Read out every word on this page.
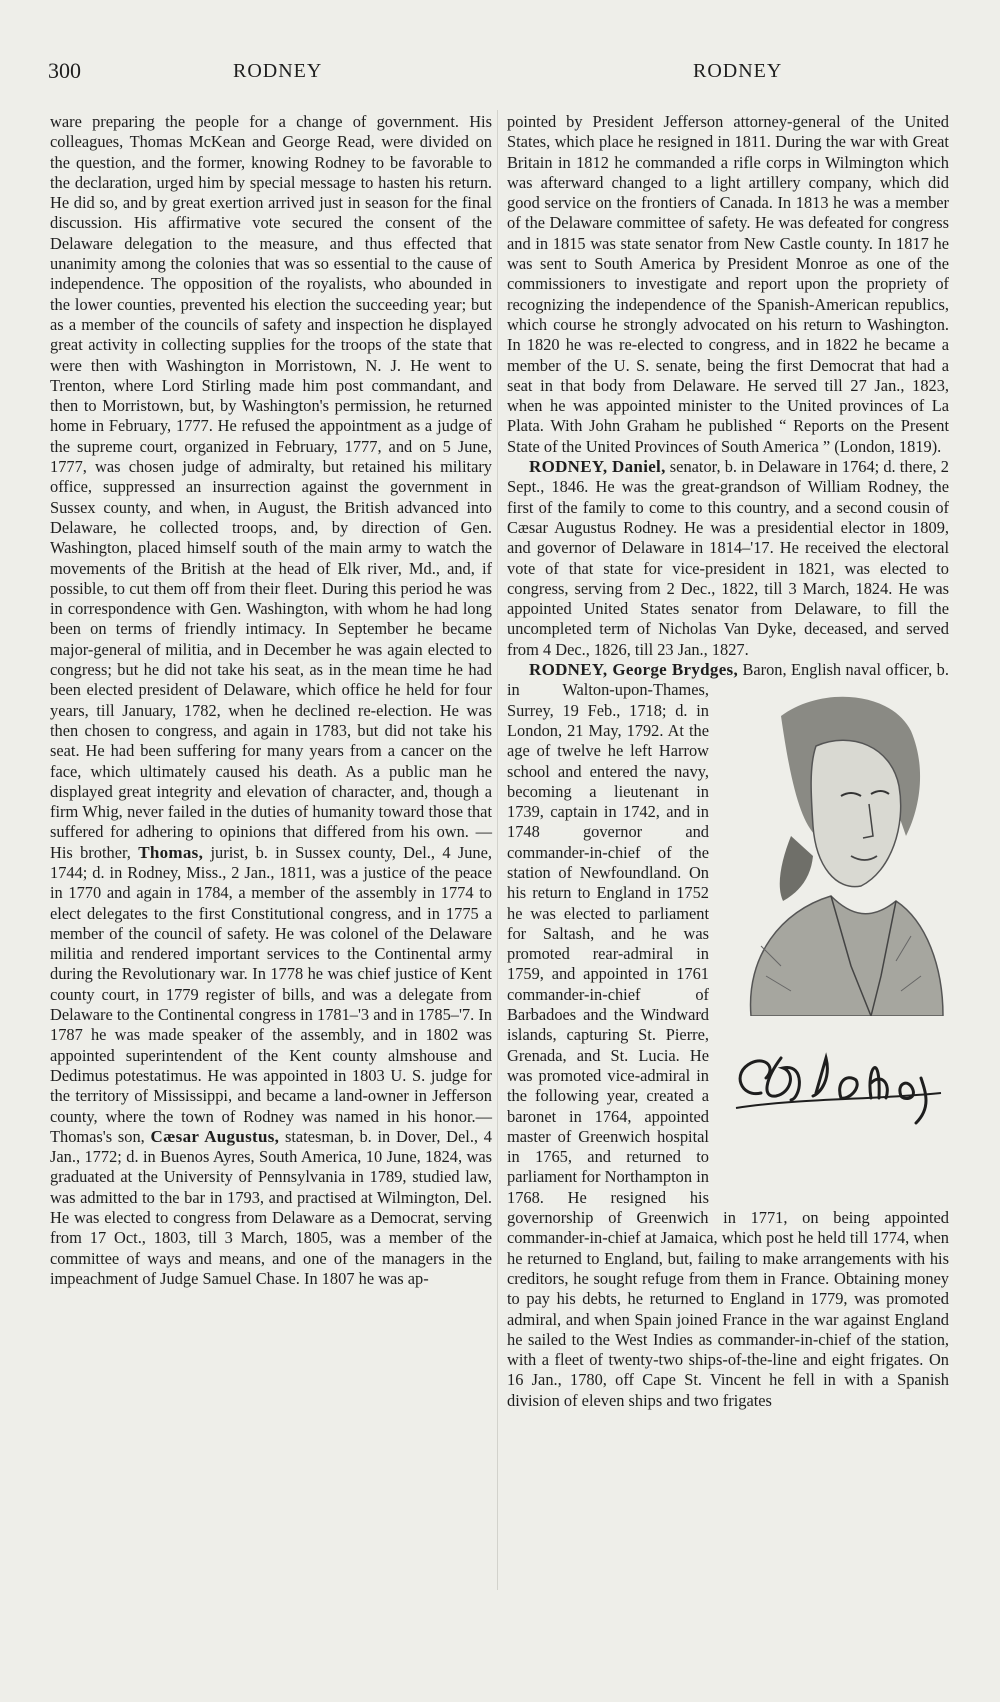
300	RODNEY	RODNEY

ware preparing the people for a change of government. His colleagues, Thomas McKean and George Read, were divided on the question, and the former, knowing Rodney to be favorable to the declaration, urged him by special message to hasten his return. He did so, and by great exertion arrived just in season for the final discussion. His affirmative vote secured the consent of the Delaware delegation to the measure, and thus effected that unanimity among the colonies that was so essential to the cause of independence. The opposition of the royalists, who abounded in the lower counties, prevented his election the succeeding year; but as a member of the councils of safety and inspection he displayed great activity in collecting supplies for the troops of the state that were then with Washington in Morristown, N. J. He went to Trenton, where Lord Stirling made him post commandant, and then to Morristown, but, by Washington's permission, he returned home in February, 1777. He refused the appointment as a judge of the supreme court, organized in February, 1777, and on 5 June, 1777, was chosen judge of admiralty, but retained his military office, suppressed an insurrection against the government in Sussex county, and when, in August, the British advanced into Delaware, he collected troops, and, by direction of Gen. Washington, placed himself south of the main army to watch the movements of the British at the head of Elk river, Md., and, if possible, to cut them off from their fleet. During this period he was in correspondence with Gen. Washington, with whom he had long been on terms of friendly intimacy. In September he became major-general of militia, and in December he was again elected to congress; but he did not take his seat, as in the mean time he had been elected president of Delaware, which office he held for four years, till January, 1782, when he declined re-election. He was then chosen to congress, and again in 1783, but did not take his seat. He had been suffering for many years from a cancer on the face, which ultimately caused his death. As a public man he displayed great integrity and elevation of character, and, though a firm Whig, never failed in the duties of humanity toward those that suffered for adhering to opinions that differed from his own. — His brother, Thomas, jurist, b. in Sussex county, Del., 4 June, 1744; d. in Rodney, Miss., 2 Jan., 1811, was a justice of the peace in 1770 and again in 1784, a member of the assembly in 1774 to elect delegates to the first Constitutional congress, and in 1775 a member of the council of safety. He was colonel of the Delaware militia and rendered important services to the Continental army during the Revolutionary war. In 1778 he was chief justice of Kent county court, in 1779 register of bills, and was a delegate from Delaware to the Continental congress in 1781–'3 and in 1785–'7. In 1787 he was made speaker of the assembly, and in 1802 was appointed superintendent of the Kent county almshouse and Dedimus potestatimus. He was appointed in 1803 U. S. judge for the territory of Mississippi, and became a land-owner in Jefferson county, where the town of Rodney was named in his honor.—Thomas's son, Cæsar Augustus, statesman, b. in Dover, Del., 4 Jan., 1772; d. in Buenos Ayres, South America, 10 June, 1824, was graduated at the University of Pennsylvania in 1789, studied law, was admitted to the bar in 1793, and practised at Wilmington, Del. He was elected to congress from Delaware as a Democrat, serving from 17 Oct., 1803, till 3 March, 1805, was a member of the committee of ways and means, and one of the managers in the impeachment of Judge Samuel Chase. In 1807 he was ap-

pointed by President Jefferson attorney-general of the United States, which place he resigned in 1811. During the war with Great Britain in 1812 he commanded a rifle corps in Wilmington which was afterward changed to a light artillery company, which did good service on the frontiers of Canada. In 1813 he was a member of the Delaware committee of safety. He was defeated for congress and in 1815 was state senator from New Castle county. In 1817 he was sent to South America by President Monroe as one of the commissioners to investigate and report upon the propriety of recognizing the independence of the Spanish-American republics, which course he strongly advocated on his return to Washington. In 1820 he was re-elected to congress, and in 1822 he became a member of the U. S. senate, being the first Democrat that had a seat in that body from Delaware. He served till 27 Jan., 1823, when he was appointed minister to the United provinces of La Plata. With John Graham he published “ Reports on the Present State of the United Provinces of South America ” (London, 1819).

RODNEY, Daniel, senator, b. in Delaware in 1764; d. there, 2 Sept., 1846. He was the great-grandson of William Rodney, the first of the family to come to this country, and a second cousin of Cæsar Augustus Rodney. He was a presidential elector in 1809, and governor of Delaware in 1814–'17. He received the electoral vote of that state for vice-president in 1821, was elected to congress, serving from 2 Dec., 1822, till 3 March, 1824. He was appointed United States senator from Delaware, to fill the uncompleted term of Nicholas Van Dyke, deceased, and served from 4 Dec., 1826, till 23 Jan., 1827.

RODNEY, George Brydges, Baron, English naval officer, b. in Walton-upon-Thames, Surrey, 19 Feb., 1718; d. in London, 21 May, 1792. At the age of twelve he left Harrow school and entered the navy, becoming a lieutenant in 1739, captain in 1742, and in 1748 governor and commander-in-chief of the station of Newfoundland. On his return to England in 1752 he was elected to parliament for Saltash, and he was promoted rear-admiral in 1759, and appointed in 1761 commander-in-chief of Barbadoes and the Windward islands, capturing St. Pierre, Grenada, and St. Lucia. He was promoted vice-admiral in the following year, created a baronet in 1764, appointed master of Greenwich hospital in 1765, and returned to parliament for Northampton in 1768. He resigned his governorship of Greenwich in 1771, on being appointed commander-in-chief at Jamaica, which post he held till 1774, when he returned to England, but, failing to make arrangements with his creditors, he sought refuge from them in France. Obtaining money to pay his debts, he returned to England in 1779, was promoted admiral, and when Spain joined France in the war against England he sailed to the West Indies as commander-in-chief of the station, with a fleet of twenty-two ships-of-the-line and eight frigates. On 16 Jan., 1780, off Cape St. Vincent he fell in with a Spanish division of eleven ships and two frigates
